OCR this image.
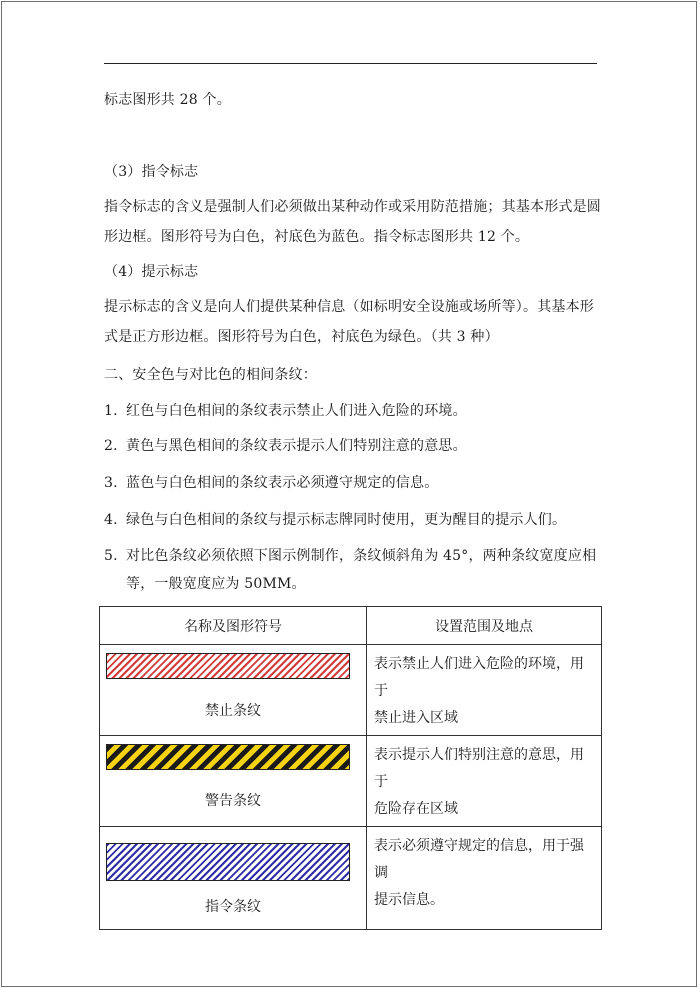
标志图形共 28 个。
（3）指令标志
指令标志的含义是强制人们必须做出某种动作或采用防范措施；其基本形式是圆
形边框。图形符号为白色，衬底色为蓝色。指令标志图形共 12 个。
（4）提示标志
提示标志的含义是向人们提供某种信息（如标明安全设施或场所等）。其基本形
式是正方形边框。图形符号为白色，衬底色为绿色。（共 3 种）
二、安全色与对比色的相间条纹：
1. 红色与白色相间的条纹表示禁止人们进入危险的环境。
2. 黄色与黑色相间的条纹表示提示人们特别注意的意思。
3. 蓝色与白色相间的条纹表示必须遵守规定的信息。
4. 绿色与白色相间的条纹与提示标志牌同时使用，更为醒目的提示人们。
5. 对比色条纹必须依照下图示例制作，条纹倾斜角为 45°，两种条纹宽度应相
等，一般宽度应为 50MM。
名称及图形符号	设置范围及地点

禁止条纹	表示禁止人们进入危险的环境，用于
禁止进入区域

警告条纹	表示提示人们特别注意的意思，用于
危险存在区域

指令条纹	表示必须遵守规定的信息，用于强调
提示信息。
